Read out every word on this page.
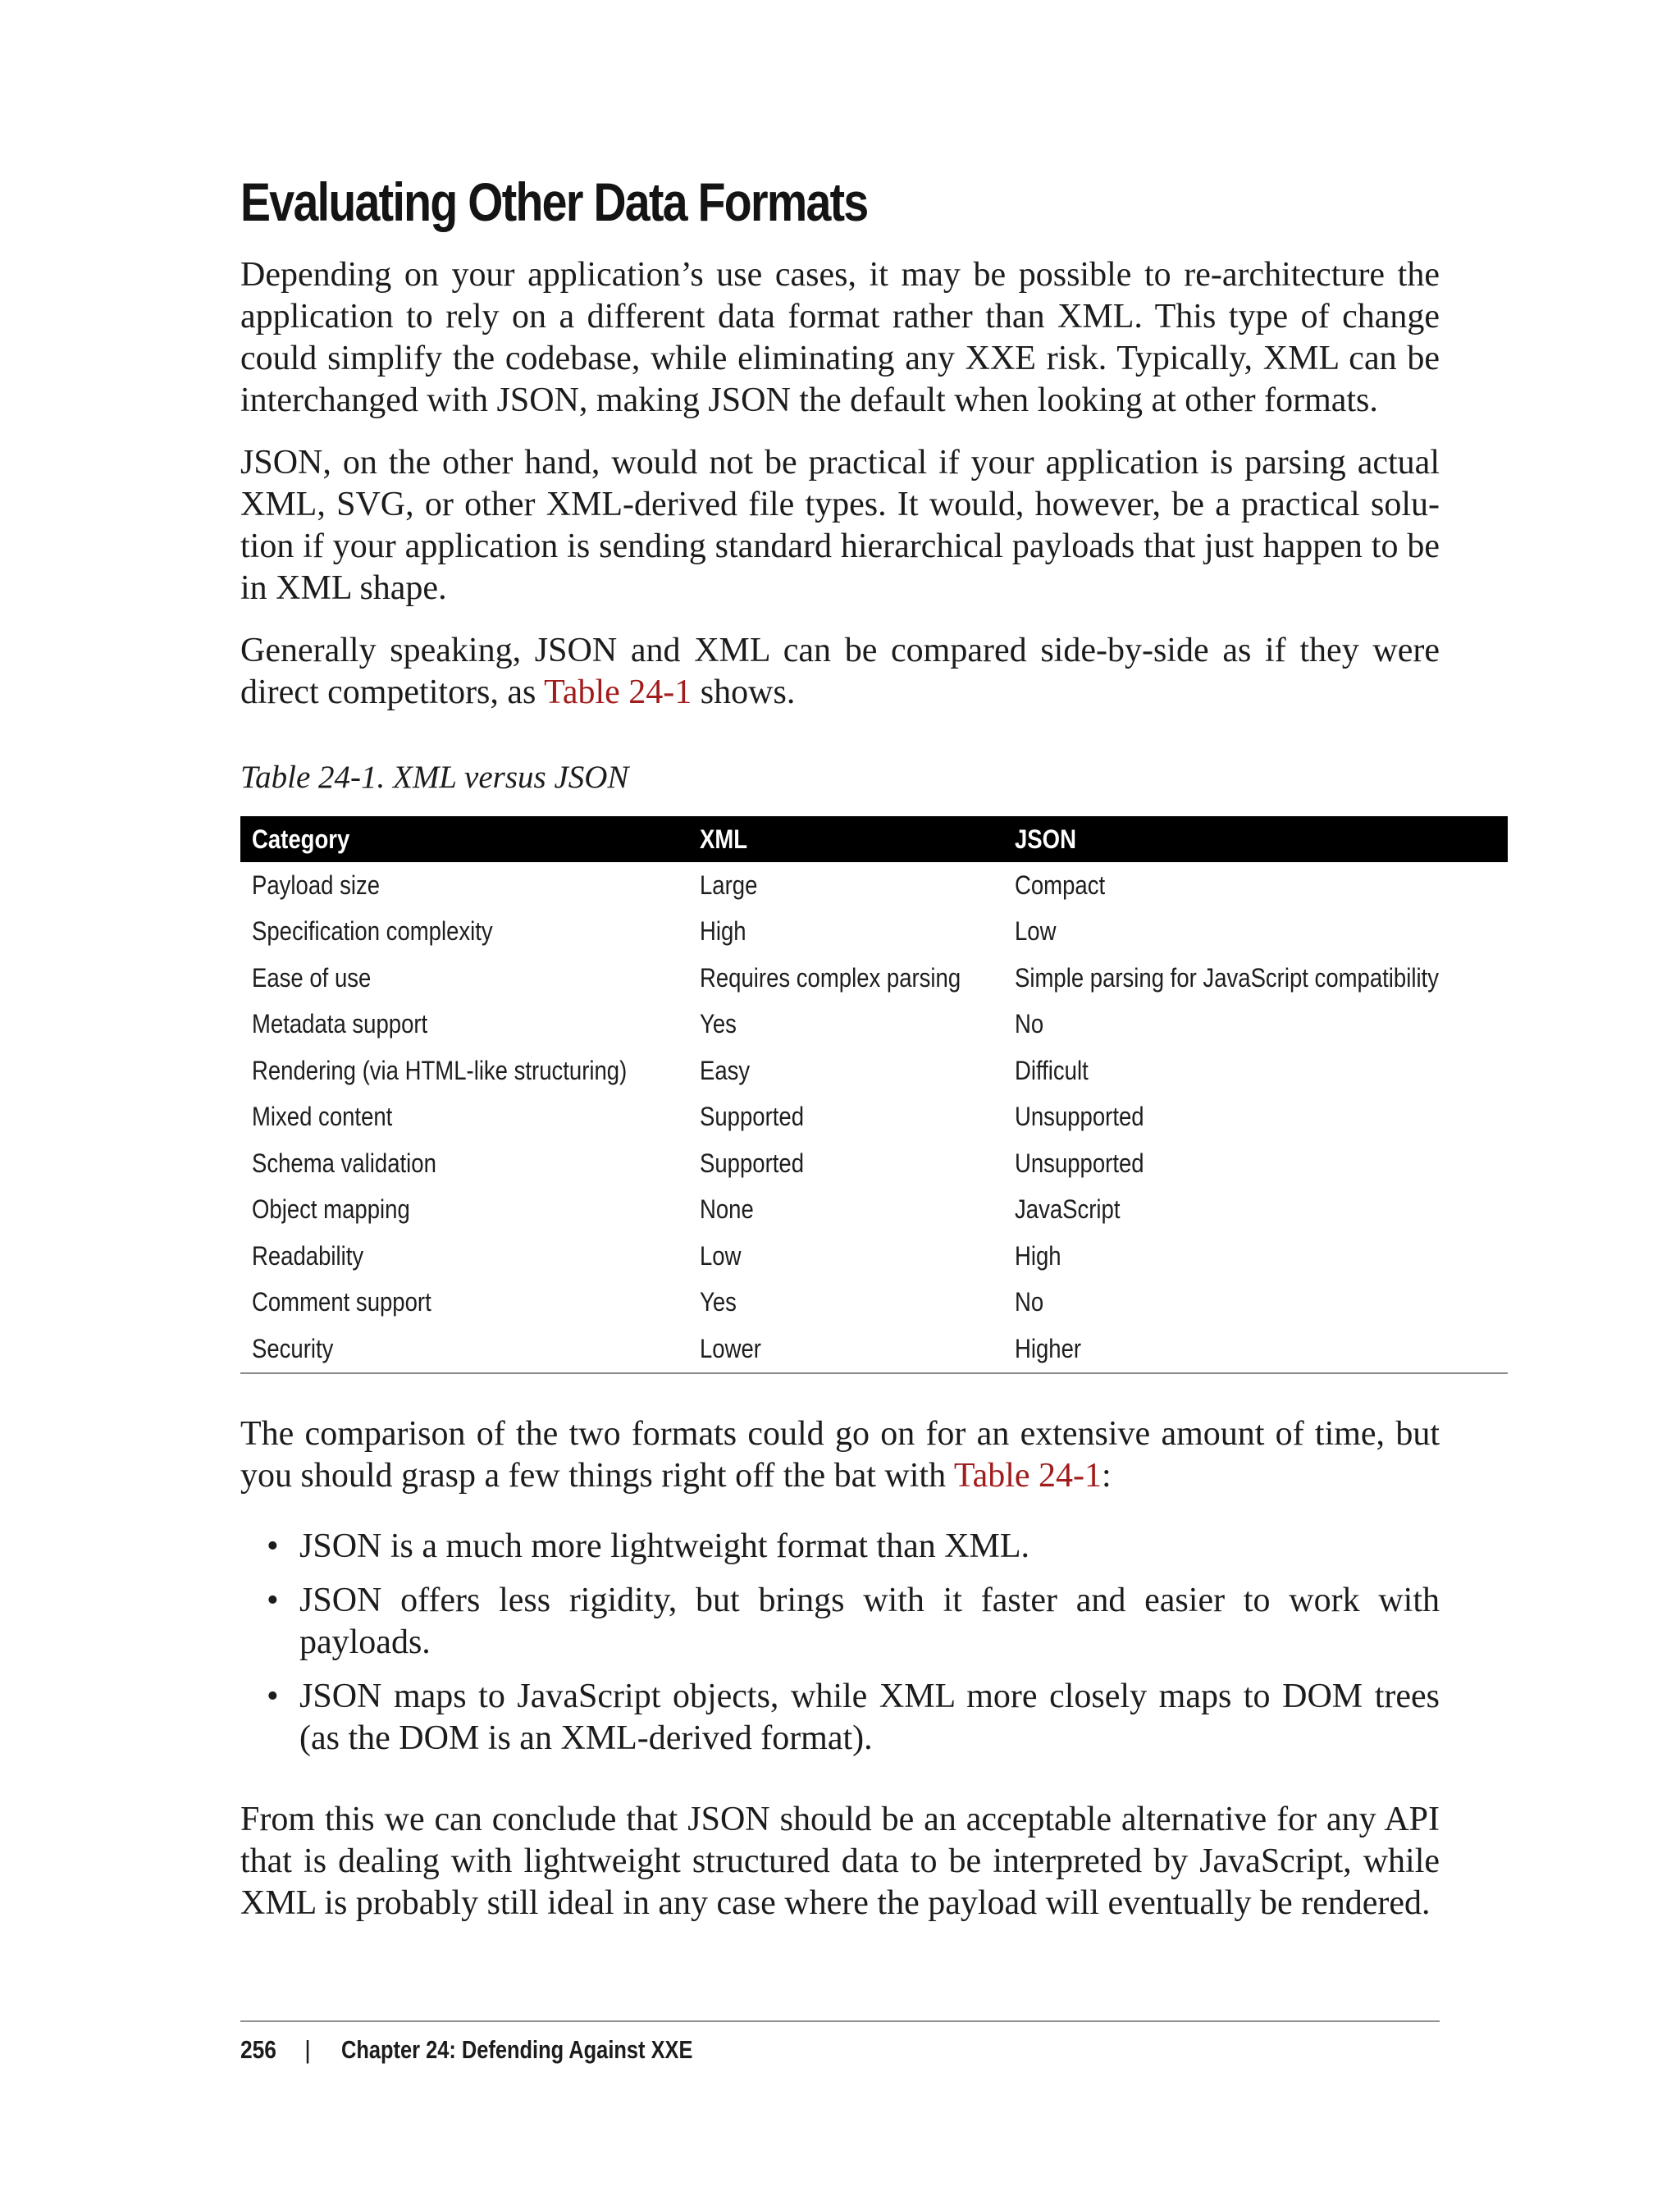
Evaluating Other Data Formats

Depending on your application’s use cases, it may be possible to re-architecture the application to rely on a different data format rather than XML. This type of change could simplify the codebase, while eliminating any XXE risk. Typically, XML can be interchanged with JSON, making JSON the default when looking at other formats.

JSON, on the other hand, would not be practical if your application is parsing actual XML, SVG, or other XML-derived file types. It would, however, be a practical solu-tion if your application is sending standard hierarchical payloads that just happen to be in XML shape.

Generally speaking, JSON and XML can be compared side-by-side as if they were direct competitors, as Table 24-1 shows.

Table 24-1. XML versus JSON

Category	XML	JSON
Payload size	Large	Compact
Specification complexity	High	Low
Ease of use	Requires complex parsing	Simple parsing for JavaScript compatibility
Metadata support	Yes	No
Rendering (via HTML-like structuring)	Easy	Difficult
Mixed content	Supported	Unsupported
Schema validation	Supported	Unsupported
Object mapping	None	JavaScript
Readability	Low	High
Comment support	Yes	No
Security	Lower	Higher

The comparison of the two formats could go on for an extensive amount of time, but you should grasp a few things right off the bat with Table 24-1:

• JSON is a much more lightweight format than XML.
• JSON offers less rigidity, but brings with it faster and easier to work with payloads.
• JSON maps to JavaScript objects, while XML more closely maps to DOM trees (as the DOM is an XML-derived format).

From this we can conclude that JSON should be an acceptable alternative for any API that is dealing with lightweight structured data to be interpreted by JavaScript, while XML is probably still ideal in any case where the payload will eventually be rendered.

256 | Chapter 24: Defending Against XXE
